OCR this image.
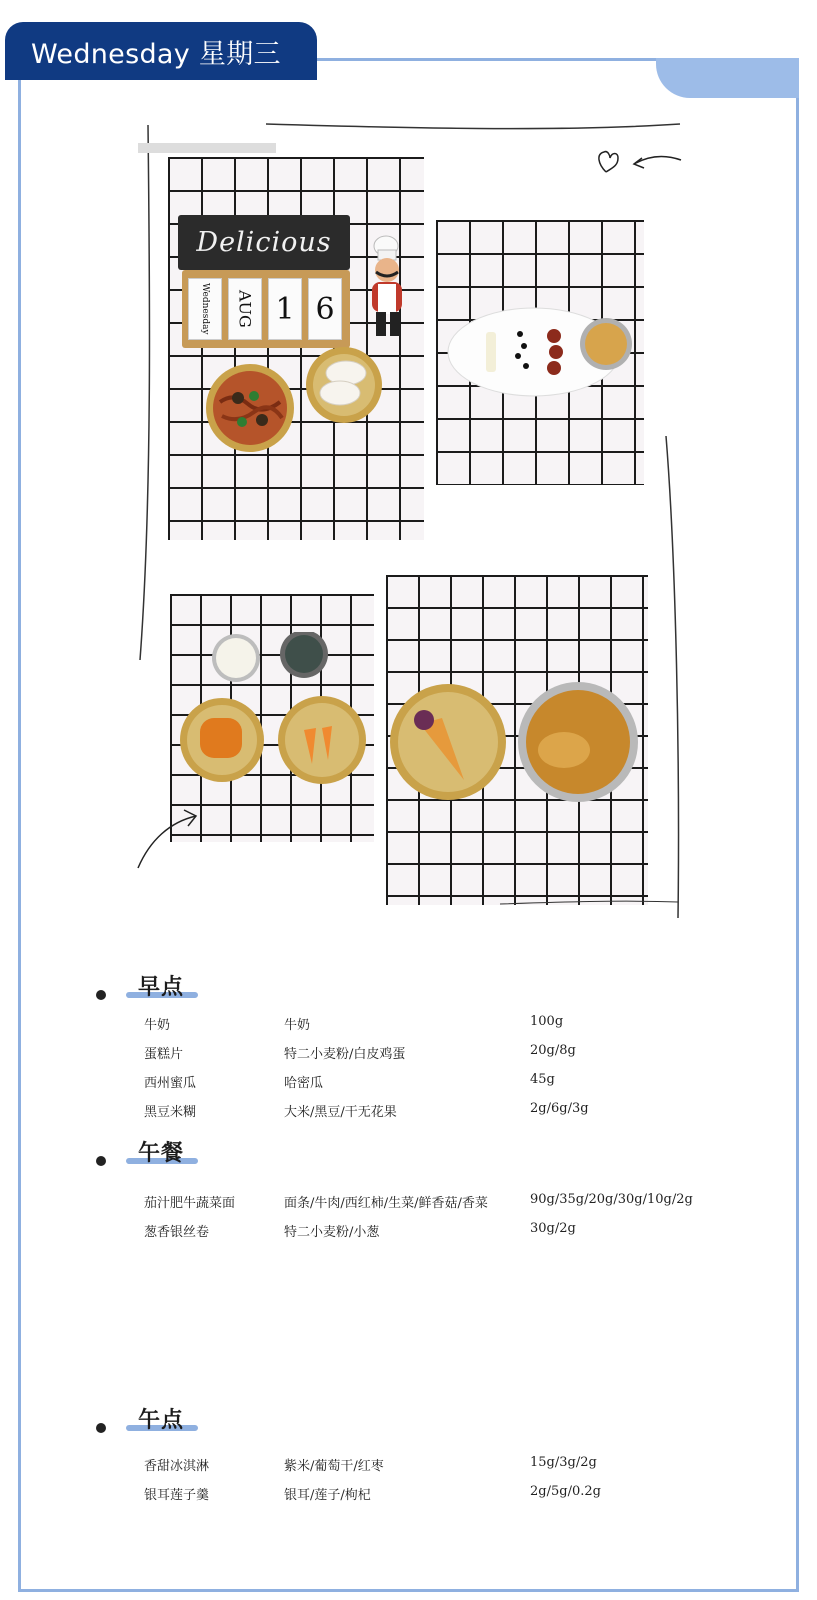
Wednesday 星期三
Delicious
Wednesday	AUG 1 6
早点
牛奶	牛奶	100g
蛋糕片	特二小麦粉/白皮鸡蛋	20g/8g
西州蜜瓜	哈密瓜	45g
黑豆米糊	大米/黑豆/干无花果	2g/6g/3g
午餐
茄汁肥牛蔬菜面	面条/牛肉/西红柿/生菜/鲜香菇/香菜	90g/35g/20g/30g/10g/2g
葱香银丝卷	特二小麦粉/小葱	30g/2g
午点
香甜冰淇淋	紫米/葡萄干/红枣	15g/3g/2g
银耳莲子羹	银耳/莲子/枸杞	2g/5g/0.2g
